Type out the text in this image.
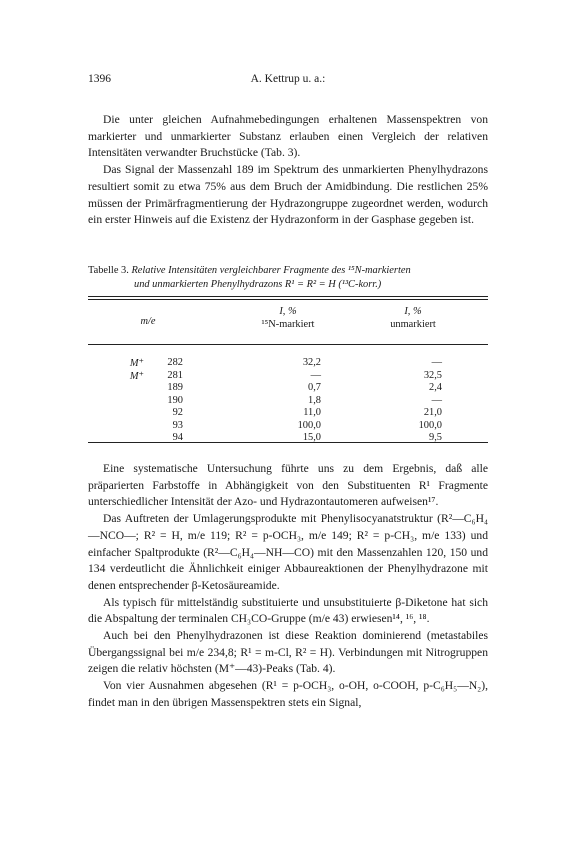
1396	A. Kettrup u. a.:

Die unter gleichen Aufnahmebedingungen erhaltenen Massenspektren von markierter und unmarkierter Substanz erlauben einen Vergleich der relativen Intensitäten verwandter Bruchstücke (Tab. 3).

Das Signal der Massenzahl 189 im Spektrum des unmarkierten Phenylhydrazons resultiert somit zu etwa 75% aus dem Bruch der Amidbindung. Die restlichen 25% müssen der Primärfragmentierung der Hydrazongruppe zugeordnet werden, wodurch ein erster Hinweis auf die Existenz der Hydrazonform in der Gasphase gegeben ist.

Tabelle 3. Relative Intensitäten vergleichbarer Fragmente des ¹⁵N-markierten
und unmarkierten Phenylhydrazons R¹ = R² = H (¹³C-korr.)
m/e
I, %
¹⁵N-markiert
I, %
unmarkiert
M⁺	282	32,2	—
M⁺	281	—	32,5
189	0,7	2,4
190	1,8	—
92	11,0	21,0
93	100,0	100,0
94	15,0	9,5

Eine systematische Untersuchung führte uns zu dem Ergebnis, daß alle präparierten Farbstoffe in Abhängigkeit von den Substituenten R¹ Fragmente unterschiedlicher Intensität der Azo- und Hydrazontautomeren aufweisen¹⁷.

Das Auftreten der Umlagerungsprodukte mit Phenylisocyanatstruktur (R²—C₆H₄—NCO—; R² = H, m/e 119; R² = p-OCH₃, m/e 149; R² = p-CH₃, m/e 133) und einfacher Spaltprodukte (R²—C₆H₄—NH—CO) mit den Massenzahlen 120, 150 und 134 verdeutlicht die Ähnlichkeit einiger Abbaureaktionen der Phenylhydrazone mit denen entsprechender β-Ketosäureamide.

Als typisch für mittelständig substituierte und unsubstituierte β-Diketone hat sich die Abspaltung der terminalen CH₃CO-Gruppe (m/e 43) erwiesen¹⁴, ¹⁶, ¹⁸.

Auch bei den Phenylhydrazonen ist diese Reaktion dominierend (metastabiles Übergangssignal bei m/e 234,8; R¹ = m-Cl, R² = H). Verbindungen mit Nitrogruppen zeigen die relativ höchsten (M⁺—43)-Peaks (Tab. 4).

Von vier Ausnahmen abgesehen (R¹ = p-OCH₃, o-OH, o-COOH, p-C₆H₅—N₂), findet man in den übrigen Massenspektren stets ein Signal,
